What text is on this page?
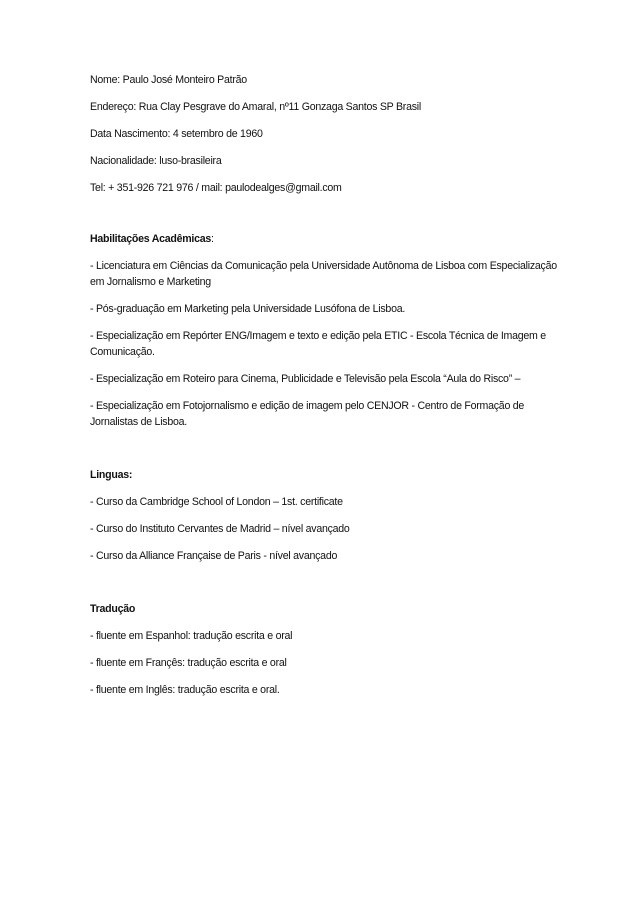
Nome: Paulo José Monteiro Patrão

Endereço: Rua Clay Pesgrave do Amaral, nº11 Gonzaga Santos SP Brasil

Data Nascimento: 4 setembro de 1960

Nacionalidade: luso-brasileira

Tel: + 351-926 721 976 / mail: paulodealges@gmail.com

Habilitações Acadêmicas:

- Licenciatura em Ciências da Comunicação pela Universidade Autônoma de Lisboa com Especialização em Jornalismo e Marketing

- Pós-graduação em Marketing pela Universidade Lusófona de Lisboa.

- Especialização em Repórter ENG/Imagem e texto e edição pela ETIC - Escola Técnica de Imagem e Comunicação.

- Especialização em Roteiro para Cinema, Publicidade e Televisão pela Escola “Aula do Risco” –

- Especialização em Fotojornalismo e edição de imagem pelo CENJOR - Centro de Formação de Jornalistas de Lisboa.

Linguas:

- Curso da Cambridge School of London – 1st. certificate

- Curso do Instituto Cervantes de Madrid – nível avançado

- Curso da Alliance Française de Paris - nível avançado

Tradução

- fluente em Espanhol: tradução escrita e oral

- fluente em Françês: tradução escrita e oral

- fluente em Inglês: tradução escrita e oral.
